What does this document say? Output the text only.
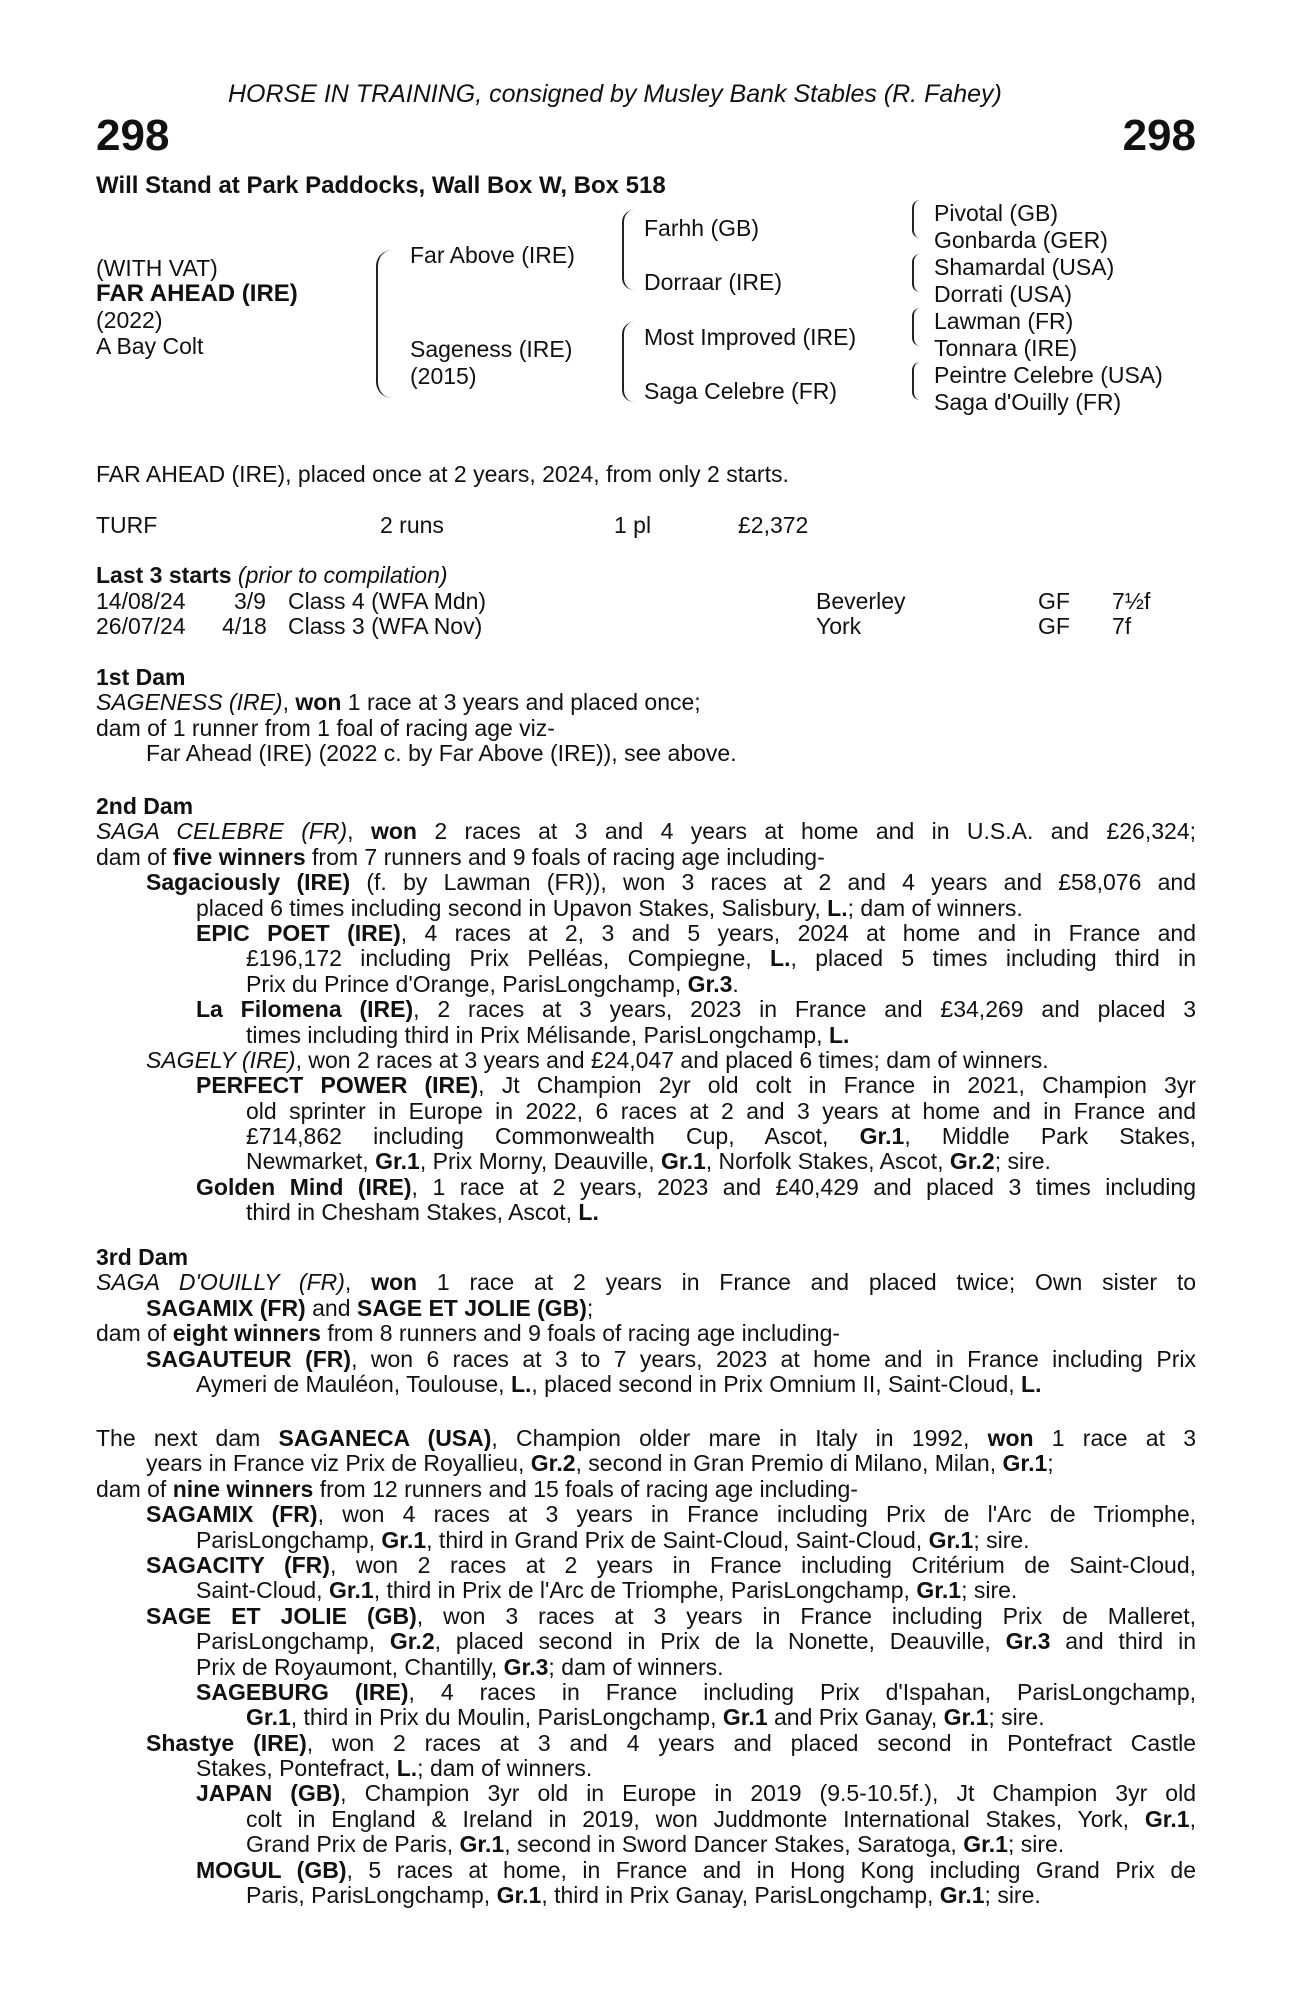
HORSE IN TRAINING, consigned by Musley Bank Stables (R. Fahey)
298	298
Will Stand at Park Paddocks, Wall Box W, Box 518
(WITH VAT)
FAR AHEAD (IRE)
(2022)
A Bay Colt
Far Above (IRE)
Sageness (IRE)
(2015)
Farhh (GB)
Dorraar (IRE)
Most Improved (IRE)
Saga Celebre (FR)
Pivotal (GB)
Gonbarda (GER)
Shamardal (USA)
Dorrati (USA)
Lawman (FR)
Tonnara (IRE)
Peintre Celebre (USA)
Saga d'Ouilly (FR)
FAR AHEAD (IRE), placed once at 2 years, 2024, from only 2 starts.
TURF	2 runs	1 pl	£2,372
Last 3 starts (prior to compilation)
14/08/24 3/9 Class 4 (WFA Mdn)	Beverley	GF 7½f
26/07/24 4/18 Class 3 (WFA Nov)	York	GF 7f
1st Dam
SAGENESS (IRE), won 1 race at 3 years and placed once;
dam of 1 runner from 1 foal of racing age viz-
Far Ahead (IRE) (2022 c. by Far Above (IRE)), see above.
2nd Dam
SAGA CELEBRE (FR), won 2 races at 3 and 4 years at home and in U.S.A. and £26,324;
dam of five winners from 7 runners and 9 foals of racing age including-
Sagaciously (IRE) (f. by Lawman (FR)), won 3 races at 2 and 4 years and £58,076 and
placed 6 times including second in Upavon Stakes, Salisbury, L.; dam of winners.
EPIC POET (IRE), 4 races at 2, 3 and 5 years, 2024 at home and in France and
£196,172 including Prix Pelléas, Compiegne, L., placed 5 times including third in
Prix du Prince d'Orange, ParisLongchamp, Gr.3.
La Filomena (IRE), 2 races at 3 years, 2023 in France and £34,269 and placed 3
times including third in Prix Mélisande, ParisLongchamp, L.
SAGELY (IRE), won 2 races at 3 years and £24,047 and placed 6 times; dam of winners.
PERFECT POWER (IRE), Jt Champion 2yr old colt in France in 2021, Champion 3yr
old sprinter in Europe in 2022, 6 races at 2 and 3 years at home and in France and
£714,862 including Commonwealth Cup, Ascot, Gr.1, Middle Park Stakes,
Newmarket, Gr.1, Prix Morny, Deauville, Gr.1, Norfolk Stakes, Ascot, Gr.2; sire.
Golden Mind (IRE), 1 race at 2 years, 2023 and £40,429 and placed 3 times including
third in Chesham Stakes, Ascot, L.
3rd Dam
SAGA D'OUILLY (FR), won 1 race at 2 years in France and placed twice; Own sister to
SAGAMIX (FR) and SAGE ET JOLIE (GB);
dam of eight winners from 8 runners and 9 foals of racing age including-
SAGAUTEUR (FR), won 6 races at 3 to 7 years, 2023 at home and in France including Prix
Aymeri de Mauléon, Toulouse, L., placed second in Prix Omnium II, Saint-Cloud, L.
The next dam SAGANECA (USA), Champion older mare in Italy in 1992, won 1 race at 3
years in France viz Prix de Royallieu, Gr.2, second in Gran Premio di Milano, Milan, Gr.1;
dam of nine winners from 12 runners and 15 foals of racing age including-
SAGAMIX (FR), won 4 races at 3 years in France including Prix de l'Arc de Triomphe,
ParisLongchamp, Gr.1, third in Grand Prix de Saint-Cloud, Saint-Cloud, Gr.1; sire.
SAGACITY (FR), won 2 races at 2 years in France including Critérium de Saint-Cloud,
Saint-Cloud, Gr.1, third in Prix de l'Arc de Triomphe, ParisLongchamp, Gr.1; sire.
SAGE ET JOLIE (GB), won 3 races at 3 years in France including Prix de Malleret,
ParisLongchamp, Gr.2, placed second in Prix de la Nonette, Deauville, Gr.3 and third in
Prix de Royaumont, Chantilly, Gr.3; dam of winners.
SAGEBURG (IRE), 4 races in France including Prix d'Ispahan, ParisLongchamp,
Gr.1, third in Prix du Moulin, ParisLongchamp, Gr.1 and Prix Ganay, Gr.1; sire.
Shastye (IRE), won 2 races at 3 and 4 years and placed second in Pontefract Castle
Stakes, Pontefract, L.; dam of winners.
JAPAN (GB), Champion 3yr old in Europe in 2019 (9.5-10.5f.), Jt Champion 3yr old
colt in England & Ireland in 2019, won Juddmonte International Stakes, York, Gr.1,
Grand Prix de Paris, Gr.1, second in Sword Dancer Stakes, Saratoga, Gr.1; sire.
MOGUL (GB), 5 races at home, in France and in Hong Kong including Grand Prix de
Paris, ParisLongchamp, Gr.1, third in Prix Ganay, ParisLongchamp, Gr.1; sire.
